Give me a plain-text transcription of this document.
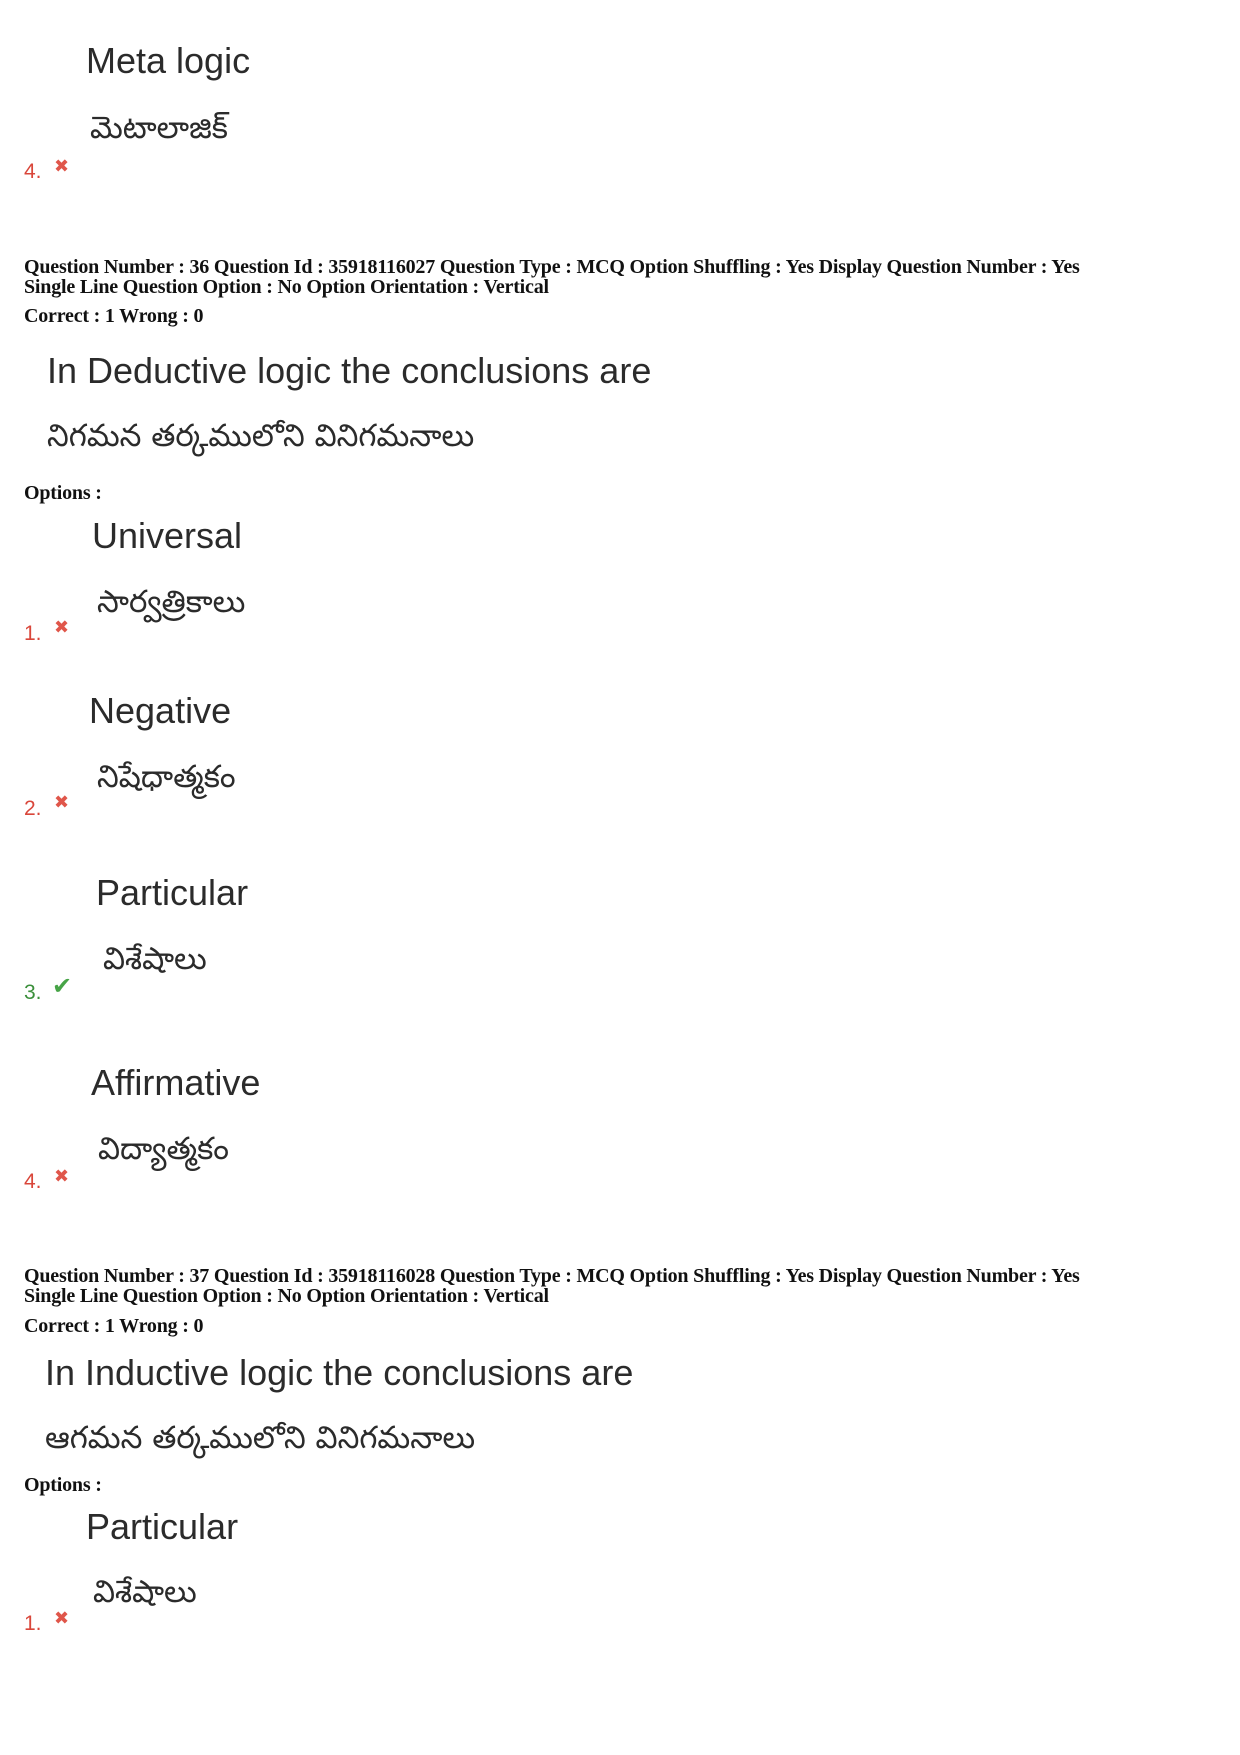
Meta logic
మెటాలాజిక్
4. ✖
Question Number : 36 Question Id : 35918116027 Question Type : MCQ Option Shuffling : Yes Display Question Number : Yes
Single Line Question Option : No Option Orientation : Vertical
Correct : 1 Wrong : 0
In Deductive logic the conclusions are
నిగమన తర్కములోని వినిగమనాలు
Options :
Universal
సార్వత్రికాలు
1. ✖
Negative
నిషేధాత్మకం
2. ✖
Particular
విశేషాలు
3. ✔
Affirmative
విద్యాత్మకం
4. ✖
Question Number : 37 Question Id : 35918116028 Question Type : MCQ Option Shuffling : Yes Display Question Number : Yes
Single Line Question Option : No Option Orientation : Vertical
Correct : 1 Wrong : 0
In Inductive logic the conclusions are
ఆగమన తర్కములోని వినిగమనాలు
Options :
Particular
విశేషాలు
1. ✖
